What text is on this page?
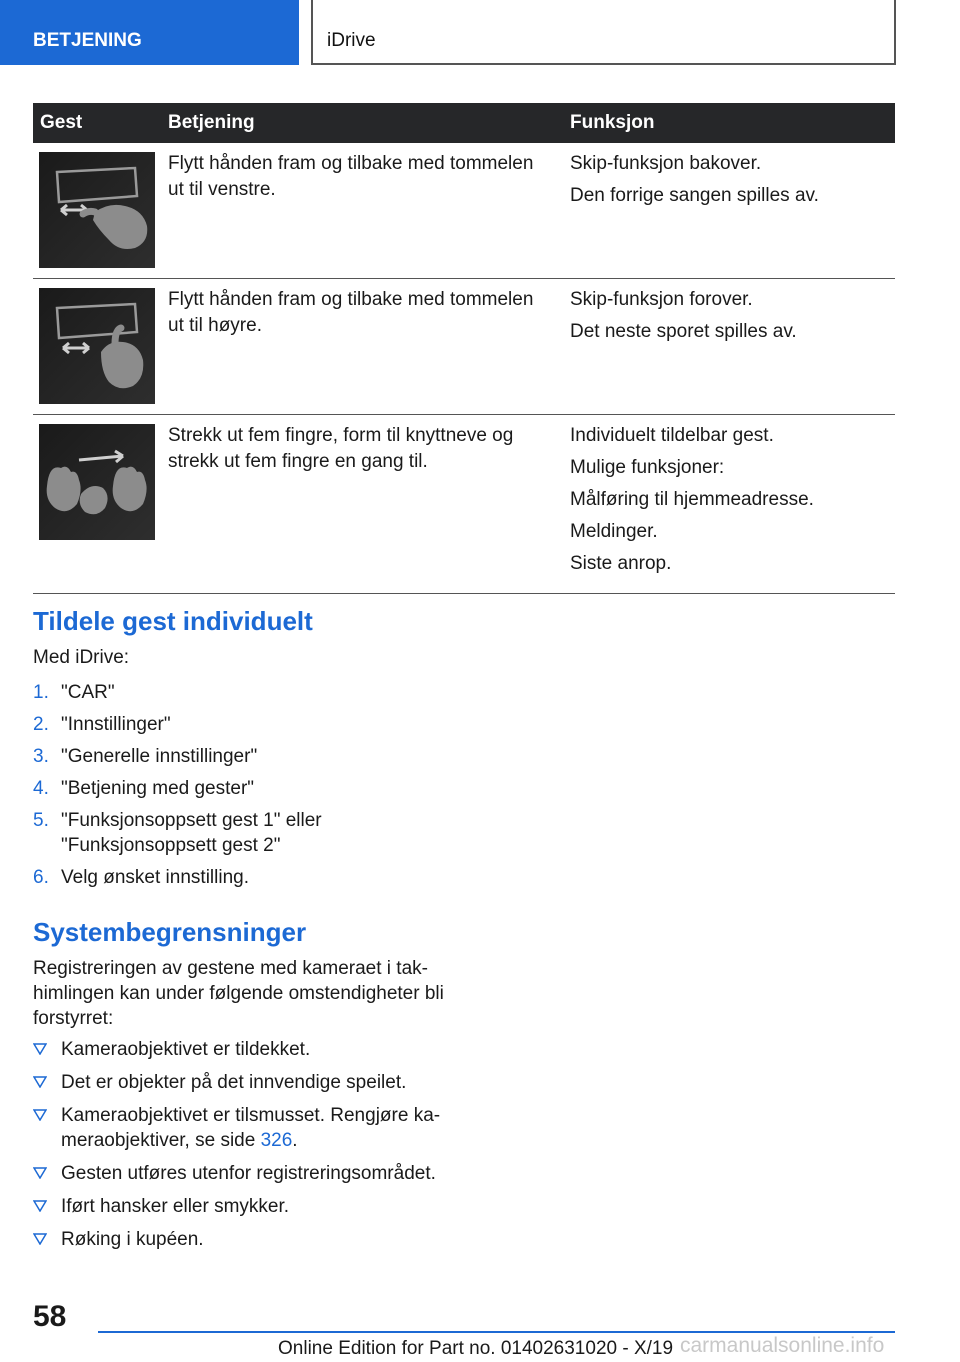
BETJENING	iDrive
Gest	Betjening	Funksjon

	Flytt hånden fram og tilbake med tommelen ut til venstre.	Skip-funksjon bakover.

Den forrige sangen spilles av.

	Flytt hånden fram og tilbake med tommelen ut til høyre.	Skip-funksjon forover.

Det neste sporet spilles av.

	Strekk ut fem fingre, form til knyttneve og strekk ut fem fingre en gang til.	Individuelt tildelbar gest.

Mulige funksjoner:

Målføring til hjemmeadresse.

Meldinger.

Siste anrop.

Tildele gest individuelt
Med iDrive:
1. "CAR"
2. "Innstillinger"
3. "Generelle innstillinger"
4. "Betjening med gester"
5. "Funksjonsoppsett gest 1" eller "Funksjonsoppsett gest 2"
6. Velg ønsket innstilling.
Systembegrensninger
Registreringen av gestene med kameraet i takhimlingen kan under følgende omstendigheter bli forstyrret:
Kameraobjektivet er tildekket.
Det er objekter på det innvendige speilet.
Kameraobjektivet er tilsmusset. Rengjøre kameraobjektiver, se side 326.
Gesten utføres utenfor registreringsområdet.
Iført hansker eller smykker.
Røking i kupéen.
58
Online Edition for Part no. 01402631020 - X/19 carmanualsonline.info
